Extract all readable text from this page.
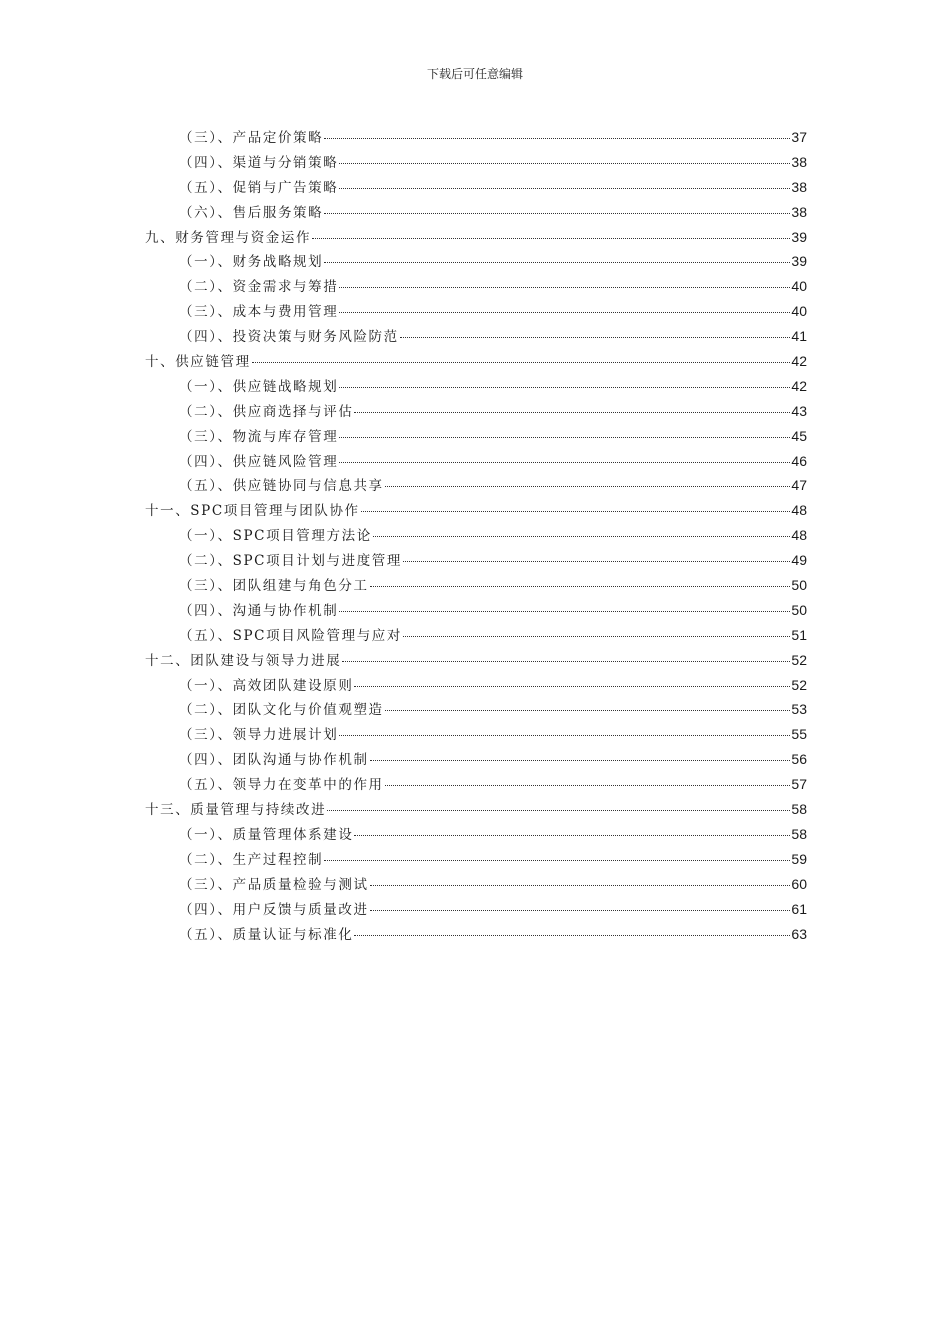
下载后可任意编辑
（三）、产品定价策略	37
（四）、渠道与分销策略	38
（五）、促销与广告策略	38
（六）、售后服务策略	38
九、财务管理与资金运作	39
（一）、财务战略规划	39
（二）、资金需求与筹措	40
（三）、成本与费用管理	40
（四）、投资决策与财务风险防范	41
十、供应链管理	42
（一）、供应链战略规划	42
（二）、供应商选择与评估	43
（三）、物流与库存管理	45
（四）、供应链风险管理	46
（五）、供应链协同与信息共享	47
十一、SPC项目管理与团队协作	48
（一）、SPC项目管理方法论	48
（二）、SPC项目计划与进度管理	49
（三）、团队组建与角色分工	50
（四）、沟通与协作机制	50
（五）、SPC项目风险管理与应对	51
十二、团队建设与领导力进展	52
（一）、高效团队建设原则	52
（二）、团队文化与价值观塑造	53
（三）、领导力进展计划	55
（四）、团队沟通与协作机制	56
（五）、领导力在变革中的作用	57
十三、质量管理与持续改进	58
（一）、质量管理体系建设	58
（二）、生产过程控制	59
（三）、产品质量检验与测试	60
（四）、用户反馈与质量改进	61
（五）、质量认证与标准化	63
